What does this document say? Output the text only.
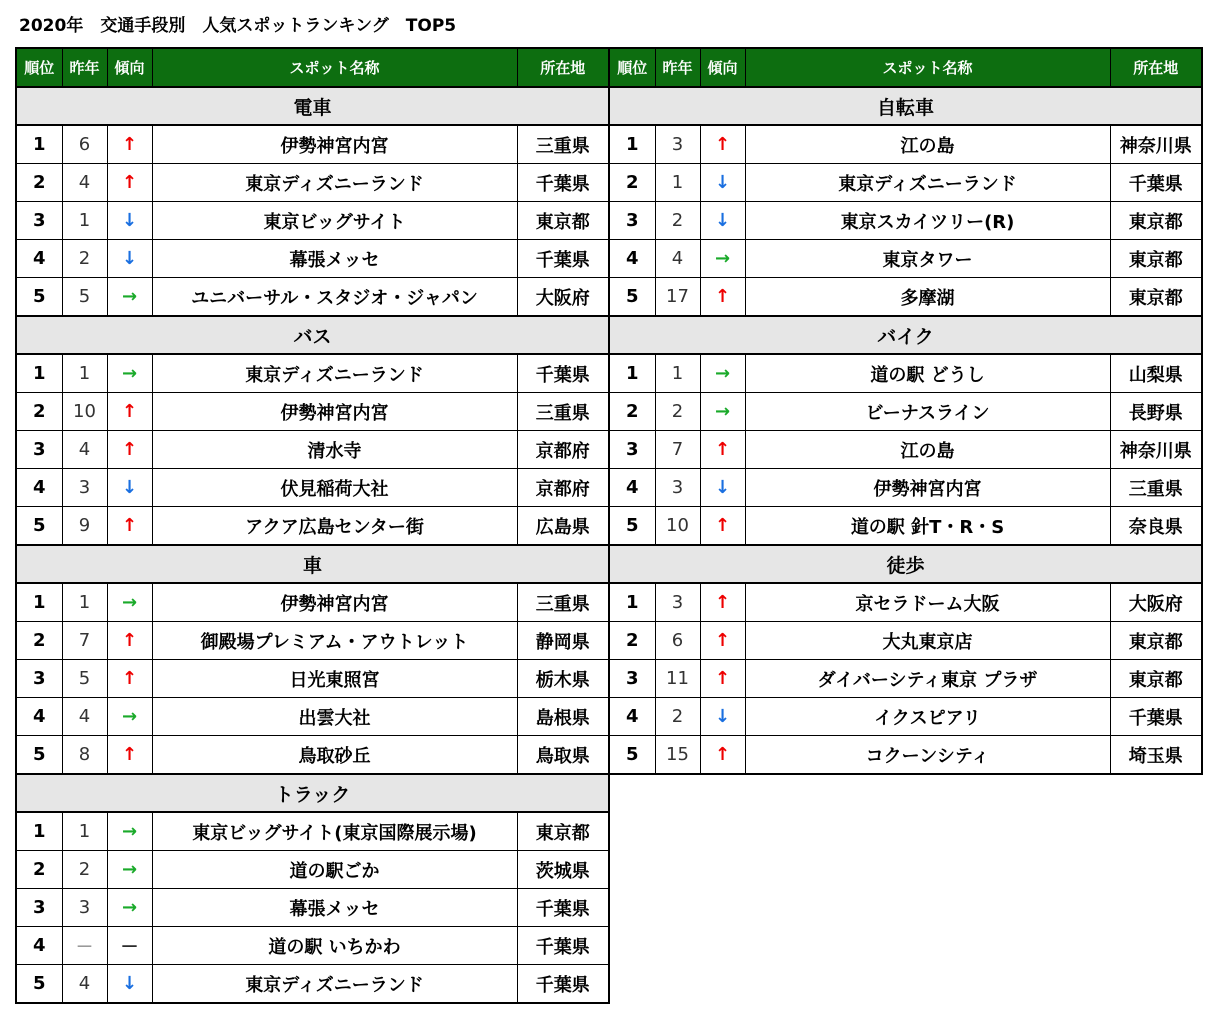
2020年　交通手段別　人気スポットランキング　TOP5
順位	昨年	傾向	スポット名称	所在地
電車				
1	6	↑	伊勢神宮内宮	三重県
2	4	↑	東京ディズニーランド	千葉県
3	1	↓	東京ビッグサイト	東京都
4	2	↓	幕張メッセ	千葉県
5	5	→	ユニバーサル・スタジオ・ジャパン	大阪府
バス				
1	1	→	東京ディズニーランド	千葉県
2	10	↑	伊勢神宮内宮	三重県
3	4	↑	清水寺	京都府
4	3	↓	伏見稲荷大社	京都府
5	9	↑	アクア広島センター街	広島県
車				
1	1	→	伊勢神宮内宮	三重県
2	7	↑	御殿場プレミアム・アウトレット	静岡県
3	5	↑	日光東照宮	栃木県
4	4	→	出雲大社	島根県
5	8	↑	鳥取砂丘	鳥取県
トラック				
1	1	→	東京ビッグサイト(東京国際展示場)	東京都
2	2	→	道の駅ごか	茨城県
3	3	→	幕張メッセ	千葉県
4	－	－	道の駅 いちかわ	千葉県
5	4	↓	東京ディズニーランド	千葉県
順位	昨年	傾向	スポット名称	所在地
自転車				
1	3	↑	江の島	神奈川県
2	1	↓	東京ディズニーランド	千葉県
3	2	↓	東京スカイツリー(R)	東京都
4	4	→	東京タワー	東京都
5	17	↑	多摩湖	東京都
バイク				
1	1	→	道の駅 どうし	山梨県
2	2	→	ビーナスライン	長野県
3	7	↑	江の島	神奈川県
4	3	↓	伊勢神宮内宮	三重県
5	10	↑	道の駅 針T・R・S	奈良県
徒歩				
1	3	↑	京セラドーム大阪	大阪府
2	6	↑	大丸東京店	東京都
3	11	↑	ダイバーシティ東京 プラザ	東京都
4	2	↓	イクスピアリ	千葉県
5	15	↑	コクーンシティ	埼玉県
